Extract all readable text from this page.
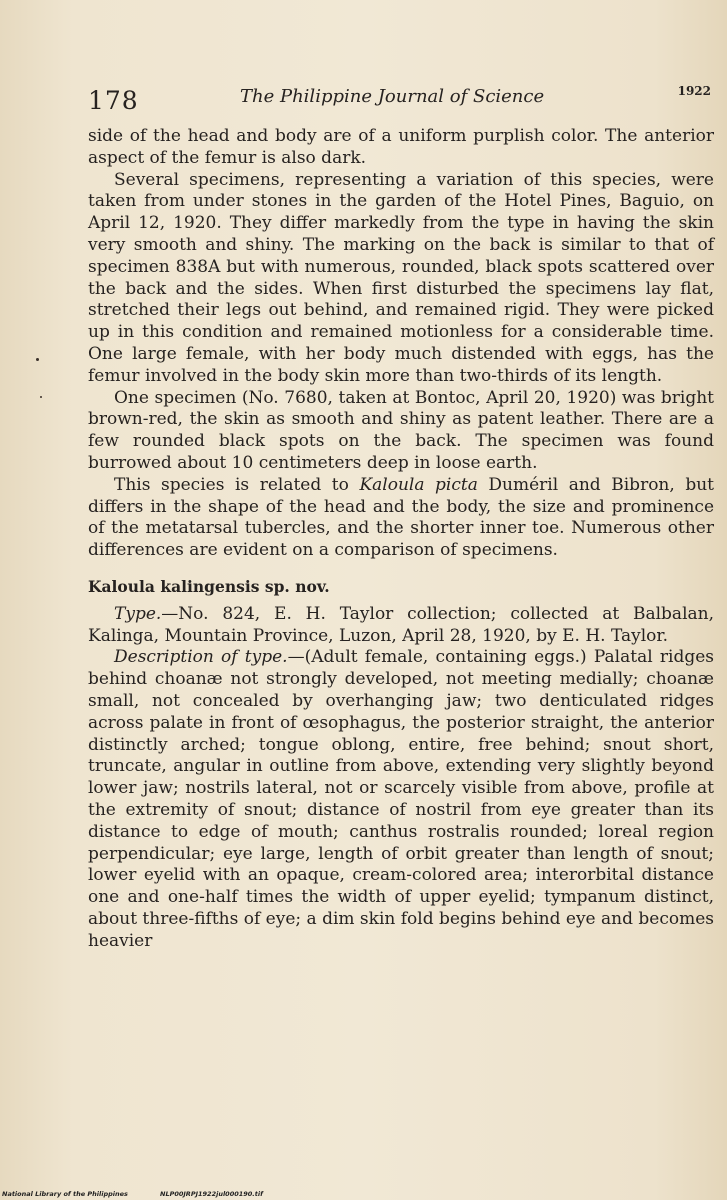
178	The Philippine Journal of Science	1922

side of the head and body are of a uniform purplish color. The anterior aspect of the femur is also dark.

Several specimens, representing a variation of this species, were taken from under stones in the garden of the Hotel Pines, Baguio, on April 12, 1920. They differ markedly from the type in having the skin very smooth and shiny. The marking on the back is similar to that of specimen 838A but with numerous, rounded, black spots scattered over the back and the sides. When first disturbed the specimens lay flat, stretched their legs out behind, and remained rigid. They were picked up in this condition and remained motionless for a considerable time. One large female, with her body much distended with eggs, has the femur involved in the body skin more than two-thirds of its length.

One specimen (No. 7680, taken at Bontoc, April 20, 1920) was bright brown-red, the skin as smooth and shiny as patent leather. There are a few rounded black spots on the back. The specimen was found burrowed about 10 centimeters deep in loose earth.

This species is related to Kaloula picta Duméril and Bibron, but differs in the shape of the head and the body, the size and prominence of the metatarsal tubercles, and the shorter inner toe. Numerous other differences are evident on a comparison of specimens.

Kaloula kalingensis sp. nov.

Type.—No. 824, E. H. Taylor collection; collected at Balbalan, Kalinga, Mountain Province, Luzon, April 28, 1920, by E. H. Taylor.

Description of type.—(Adult female, containing eggs.) Palatal ridges behind choanæ not strongly developed, not meeting medially; choanæ small, not concealed by overhanging jaw; two denticulated ridges across palate in front of œsophagus, the posterior straight, the anterior distinctly arched; tongue oblong, entire, free behind; snout short, truncate, angular in outline from above, extending very slightly beyond lower jaw; nostrils lateral, not or scarcely visible from above, profile at the extremity of snout; distance of nostril from eye greater than its distance to edge of mouth; canthus rostralis rounded; loreal region perpendicular; eye large, length of orbit greater than length of snout; lower eyelid with an opaque, cream-colored area; interorbital distance one and one-half times the width of upper eyelid; tympanum distinct, about three-fifths of eye; a dim skin fold begins behind eye and becomes heavier

National Library of the Philippines	NLP00JRPJ1922jul000190.tif
